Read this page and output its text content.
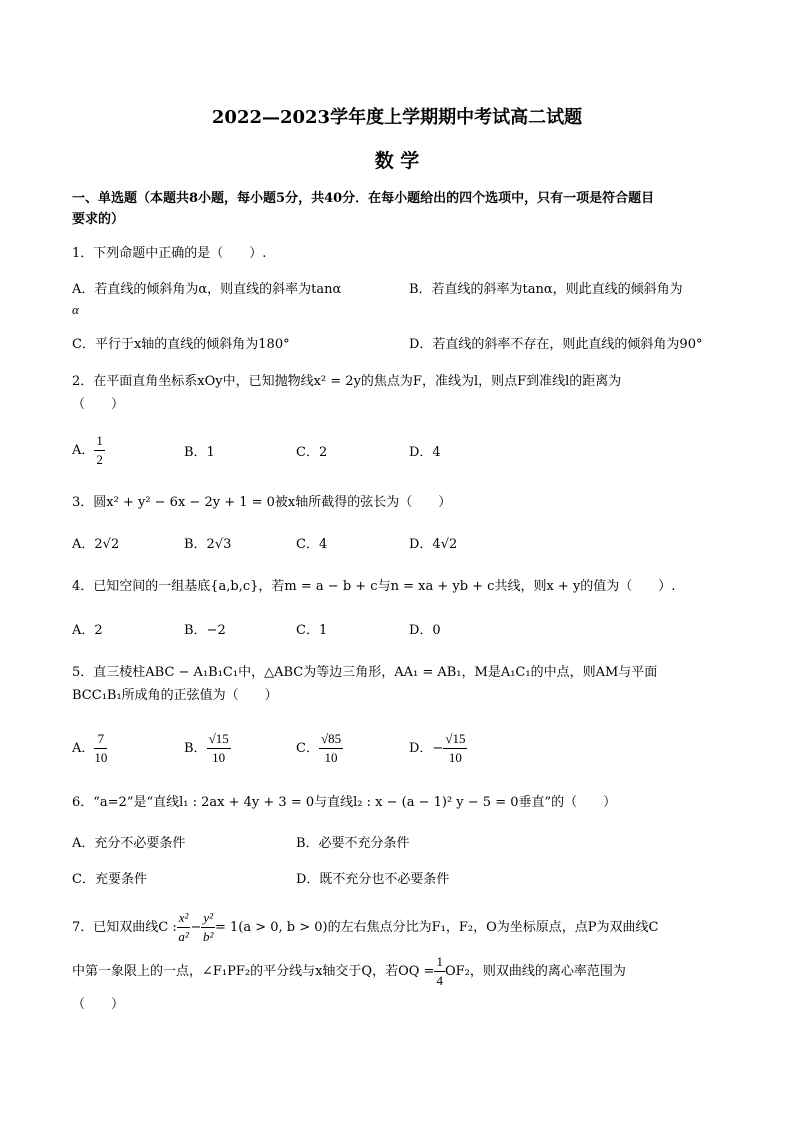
2022—2023学年度上学期期中考试高二试题
数 学
一、单选题（本题共8小题，每小题5分，共40分．在每小题给出的四个选项中，只有一项是符合题目
要求的）
1．下列命题中正确的是（　　）.
A．若直线的倾斜角为α，则直线的斜率为tanα	B．若直线的斜率为tanα，则此直线的倾斜角为
α
C．平行于x轴的直线的倾斜角为180°	D．若直线的斜率不存在，则此直线的倾斜角为90°
2．在平面直角坐标系xOy中，已知抛物线x² = 2y的焦点为F，准线为l，则点F到准线l的距离为
（　　）
A． $\frac{1}{2}$	B．1	C．2	D．4
3．圆x² + y² − 6x − 2y + 1 = 0被x轴所截得的弦长为（　　）
A．2√2	B．2√3	C．4	D．4√2
4．已知空间的一组基底{a,b,c}，若m = a − b + c与n = xa + yb + c共线，则x + y的值为（　　）.
A．2	B．−2	C．1	D．0
5．直三棱柱ABC − A₁B₁C₁中，△ABC为等边三角形，AA₁ = AB₁，M是A₁C₁的中点，则AM与平面
BCC₁B₁所成角的正弦值为（　　）
A． $\frac{7}{10}$	B． $\frac{√15}{10}$	C． $\frac{√85}{10}$	D．− $\frac{√15}{10}$
6．“a=2”是“直线l₁ : 2ax + 4y + 3 = 0与直线l₂ : x − (a − 1)² y − 5 = 0垂直”的（　　）
A．充分不必要条件	B．必要不充分条件
C．充要条件	D．既不充分也不必要条件
7．已知双曲线C : $\frac{\text{x²}}{\text{a²}} - \frac{\text{y²}}{\text{b²}} = 1(a > 0$, b > 0)的左右焦点分比为F₁，F₂，O为坐标原点，点P为双曲线C
中第一象限上的一点，∠F₁PF₂的平分线与x轴交于Q，若OQ = $\frac{1}{4} OF_2$，则双曲线的离心率范围为
（　　）
